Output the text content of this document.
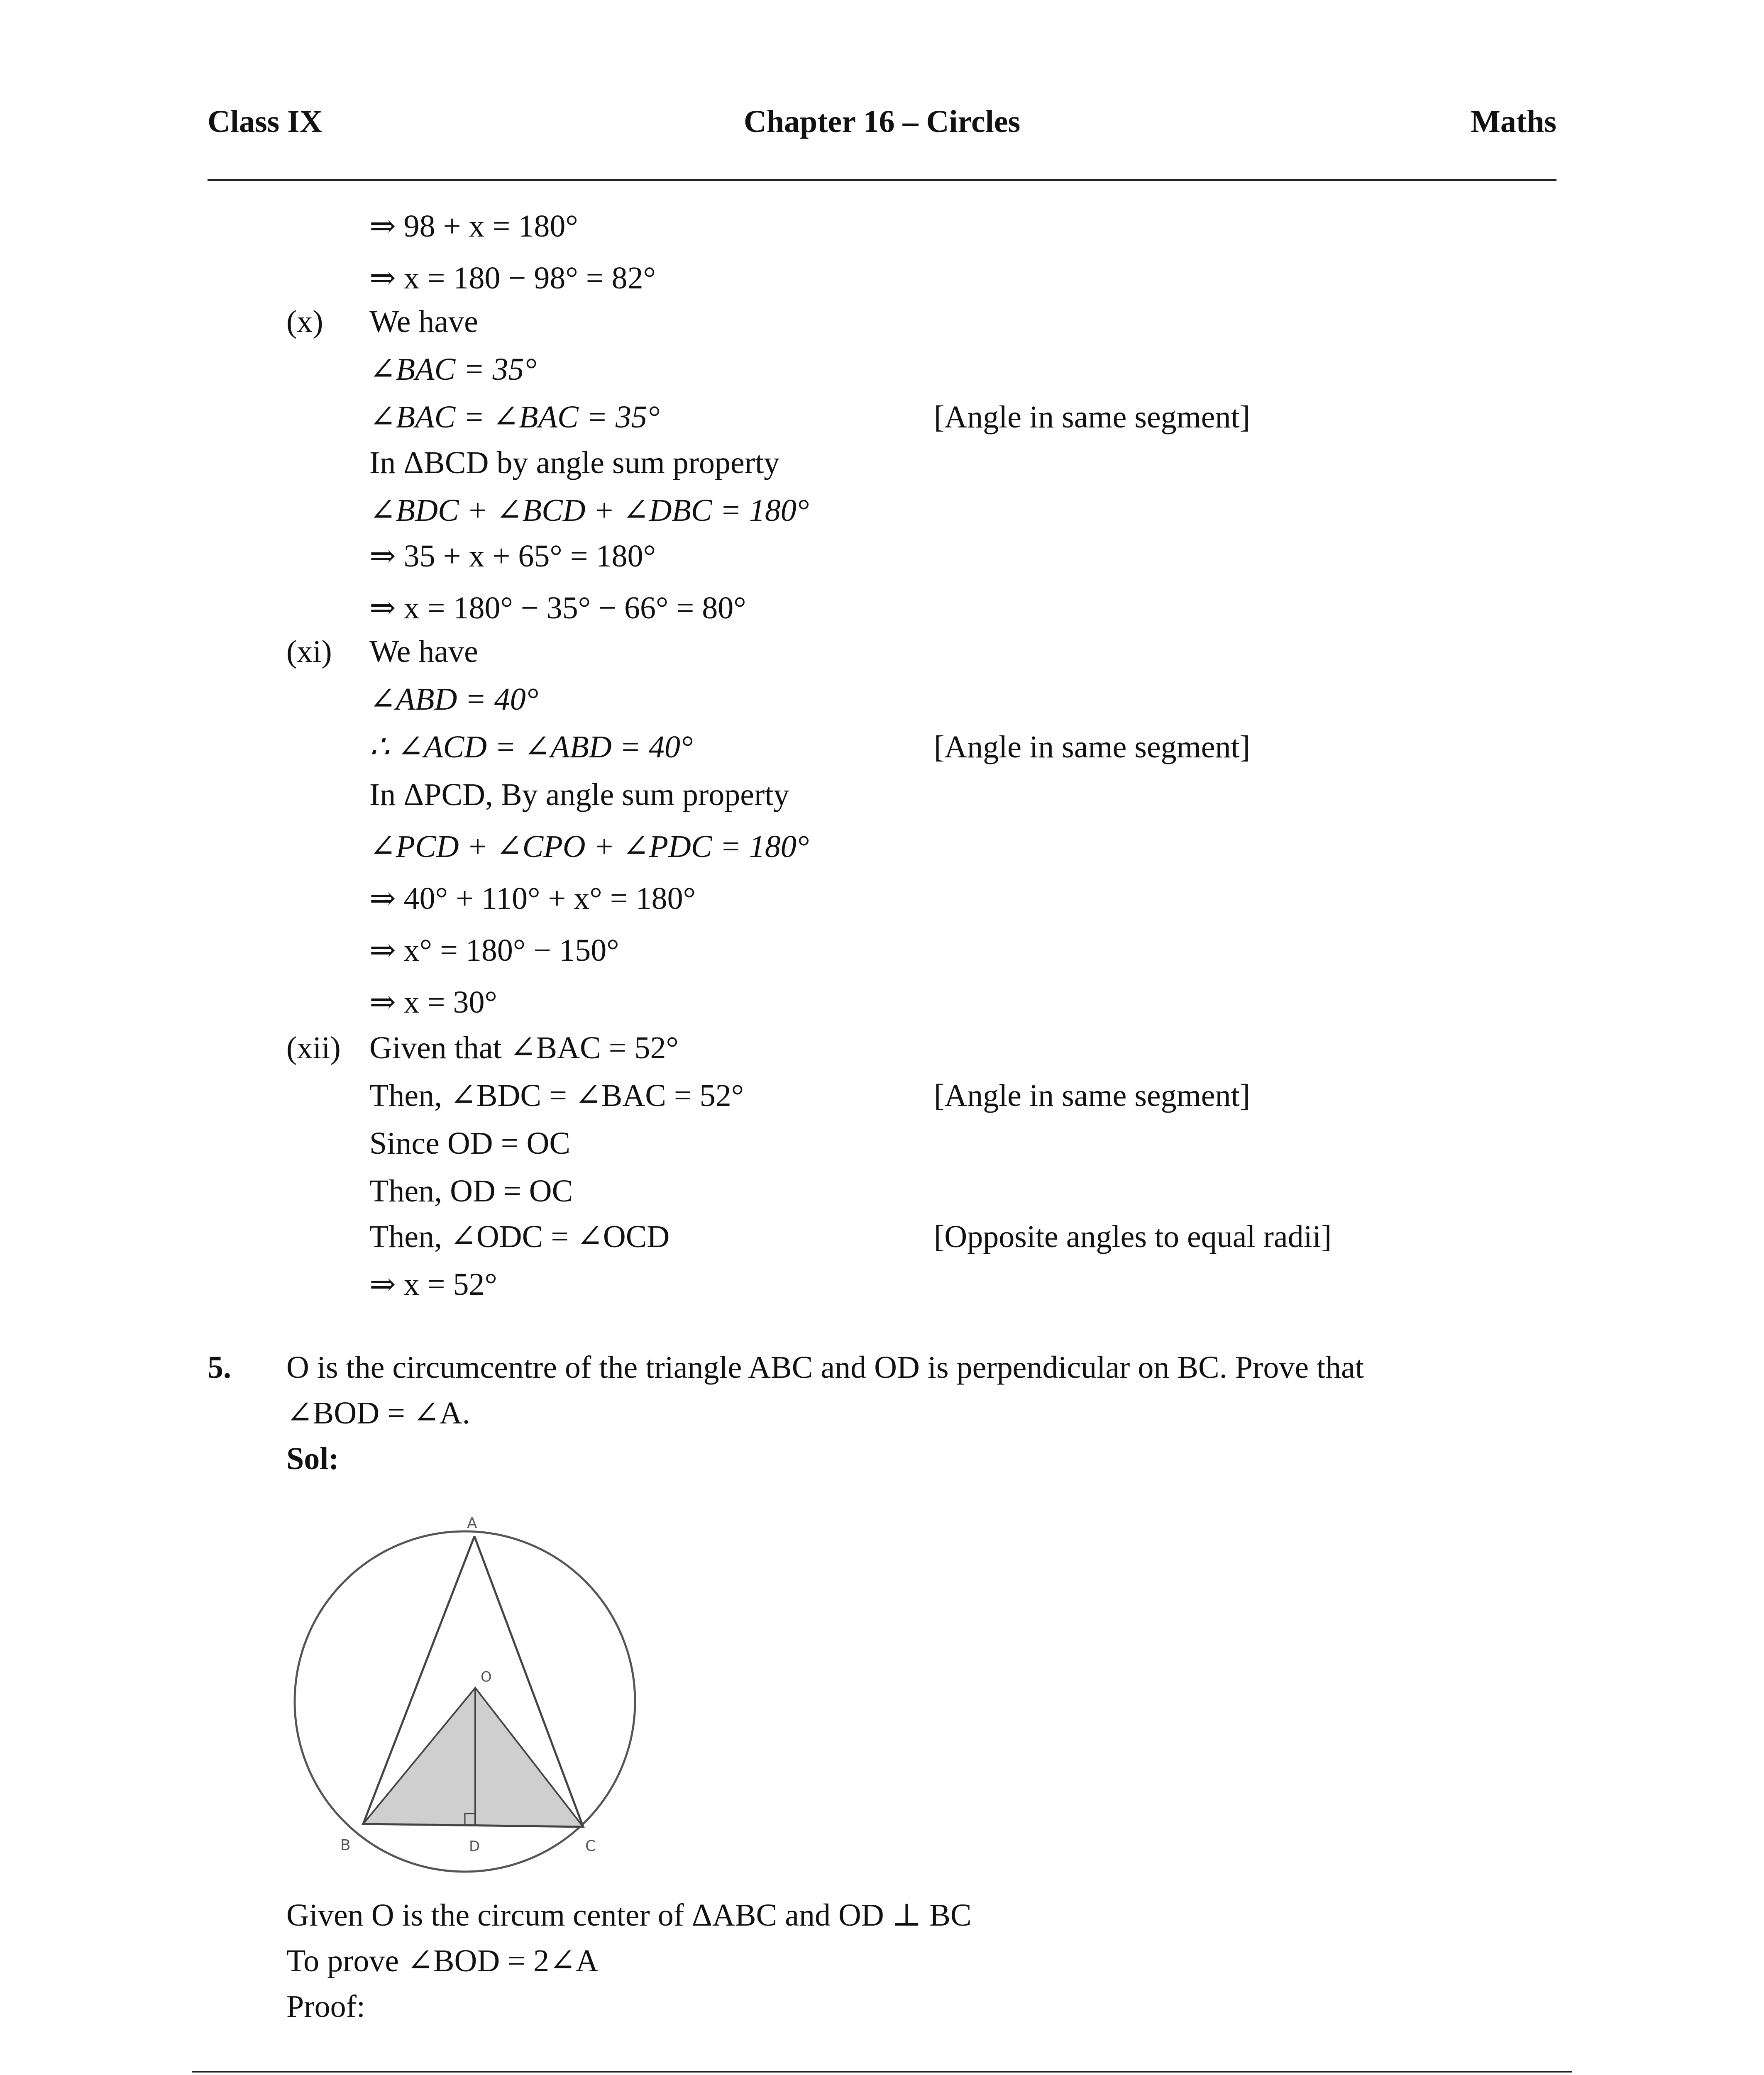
Class IX	Chapter 16 – Circles	Maths
⇒ 98 + x = 180°
⇒ x = 180 − 98° = 82°
(x) We have
∠BAC = 35°
∠BAC = ∠BAC = 35°	[Angle in same segment]
In ΔBCD by angle sum property
∠BDC + ∠BCD + ∠DBC = 180°
⇒ 35 + x + 65° = 180°
⇒ x = 180° − 35° − 66° = 80°
(xi) We have
∠ABD = 40°
∴ ∠ACD = ∠ABD = 40°	[Angle in same segment]
In ΔPCD, By angle sum property
∠PCD + ∠CPO + ∠PDC = 180°
⇒ 40° + 110° + x° = 180°
⇒ x° = 180° − 150°
⇒ x = 30°
(xii) Given that ∠BAC = 52°
Then, ∠BDC = ∠BAC = 52°	[Angle in same segment]
Since OD = OC
Then, OD = OC
Then, ∠ODC = ∠OCD	[Opposite angles to equal radii]
⇒ x = 52°
5. O is the circumcentre of the triangle ABC and OD is perpendicular on BC. Prove that
∠BOD = ∠A.
Sol:
A
O
B	D	C
Given O is the circum center of ΔABC and OD ⊥ BC
To prove ∠BOD = 2∠A
Proof:
